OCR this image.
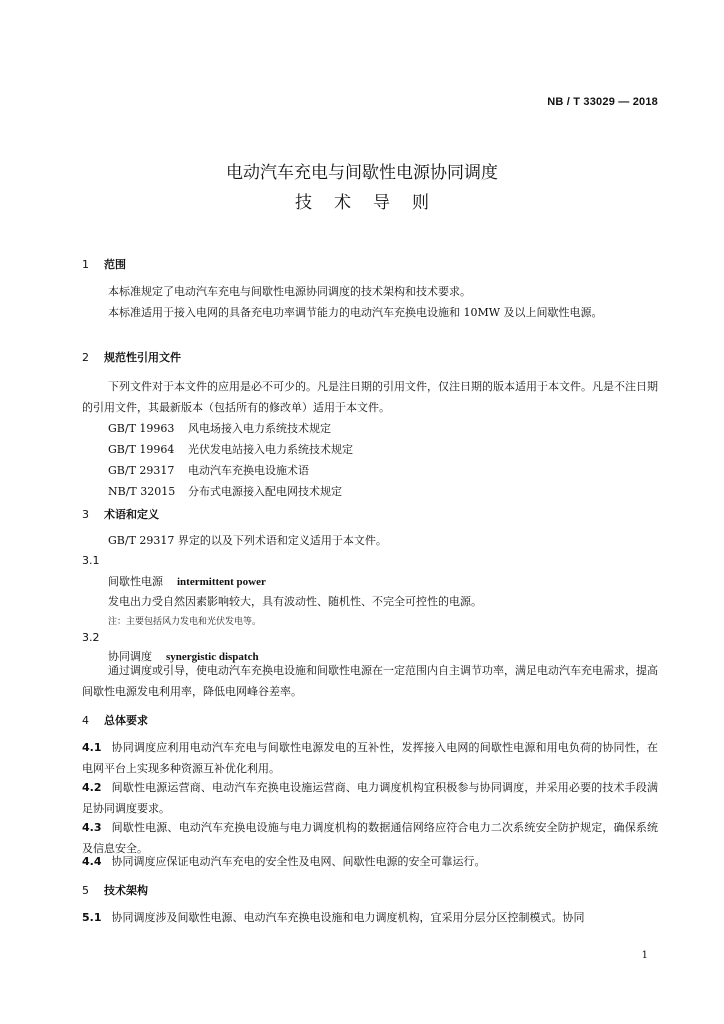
NB / T 33029 — 2018
电动汽车充电与间歇性电源协同调度
技术导则
1 范围
本标准规定了电动汽车充电与间歇性电源协同调度的技术架构和技术要求。
本标准适用于接入电网的具备充电功率调节能力的电动汽车充换电设施和 10MW 及以上间歇性电源。
2 规范性引用文件
下列文件对于本文件的应用是必不可少的。凡是注日期的引用文件，仅注日期的版本适用于本文件。凡是不注日期的引用文件，其最新版本（包括所有的修改单）适用于本文件。
GB/T 19963 风电场接入电力系统技术规定
GB/T 19964 光伏发电站接入电力系统技术规定
GB/T 29317 电动汽车充换电设施术语
NB/T 32015 分布式电源接入配电网技术规定
3 术语和定义
GB/T 29317 界定的以及下列术语和定义适用于本文件。
3.1
间歇性电源 intermittent power
发电出力受自然因素影响较大，具有波动性、随机性、不完全可控性的电源。
注：主要包括风力发电和光伏发电等。
3.2
协同调度 synergistic dispatch
通过调度或引导，使电动汽车充换电设施和间歇性电源在一定范围内自主调节功率，满足电动汽车充电需求，提高间歇性电源发电利用率，降低电网峰谷差率。
4 总体要求
4.1 协同调度应利用电动汽车充电与间歇性电源发电的互补性，发挥接入电网的间歇性电源和用电负荷的协同性，在电网平台上实现多种资源互补优化利用。
4.2 间歇性电源运营商、电动汽车充换电设施运营商、电力调度机构宜积极参与协同调度，并采用必要的技术手段满足协同调度要求。
4.3 间歇性电源、电动汽车充换电设施与电力调度机构的数据通信网络应符合电力二次系统安全防护规定，确保系统及信息安全。
4.4 协同调度应保证电动汽车充电的安全性及电网、间歇性电源的安全可靠运行。
5 技术架构
5.1 协同调度涉及间歇性电源、电动汽车充换电设施和电力调度机构，宜采用分层分区控制模式。协同
1
